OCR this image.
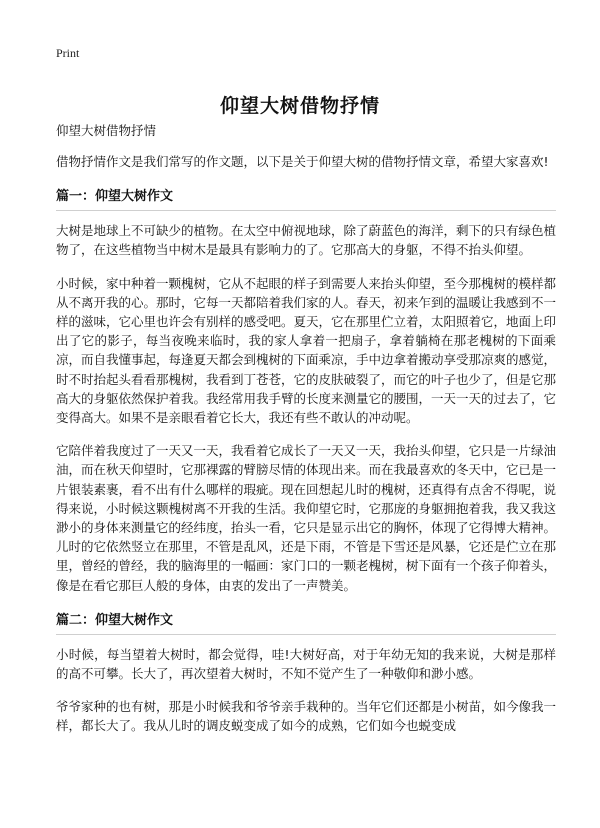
Print
仰望大树借物抒情
仰望大树借物抒情

借物抒情作文是我们常写的作文题，以下是关于仰望大树的借物抒情文章，希望大家喜欢!

篇一：仰望大树作文

大树是地球上不可缺少的植物。在太空中俯视地球，除了蔚蓝色的海洋，剩下的只有绿色植物了，在这些植物当中树木是最具有影响力的了。它那高大的身躯，不得不抬头仰望。

小时候，家中种着一颗槐树，它从不起眼的样子到需要人来抬头仰望，至今那槐树的模样都从不离开我的心。那时，它每一天都陪着我们家的人。春天，初来乍到的温暖让我感到不一样的滋味，它心里也许会有别样的感受吧。夏天，它在那里伫立着，太阳照着它，地面上印出了它的影子，每当夜晚来临时，我的家人拿着一把扇子，拿着躺椅在那老槐树的下面乘凉，而自我懂事起，每逢夏天都会到槐树的下面乘凉，手中边拿着搬动享受那凉爽的感觉，时不时抬起头看看那槐树，我看到丁苍苍，它的皮肤破裂了，而它的叶子也少了，但是它那高大的身躯依然保护着我。我经常用我手臂的长度来测量它的腰围，一天一天的过去了，它变得高大。如果不是亲眼看着它长大，我还有些不敢认的冲动呢。

它陪伴着我度过了一天又一天，我看着它成长了一天又一天，我抬头仰望，它只是一片绿油油，而在秋天仰望时，它那裸露的臂膀尽情的体现出来。而在我最喜欢的冬天中，它已是一片银装素裹，看不出有什么哪样的瑕疵。现在回想起儿时的槐树，还真得有点舍不得呢，说得来说，小时候这颗槐树离不开我的生活。我仰望它时，它那庞的身躯拥抱着我，我又我这渺小的身体来测量它的经纬度，抬头一看，它只是显示出它的胸怀，体现了它得博大精神。儿时的它依然竖立在那里，不管是乱风，还是下雨，不管是下雪还是风暴，它还是伫立在那里，曾经的曾经，我的脑海里的一幅画：家门口的一颗老槐树，树下面有一个孩子仰着头，像是在看它那巨人般的身体，由衷的发出了一声赞美。

篇二：仰望大树作文

小时候，每当望着大树时，都会觉得，哇!大树好高，对于年幼无知的我来说，大树是那样的高不可攀。长大了，再次望着大树时，不知不觉产生了一种敬仰和渺小感。

爷爷家种的也有树，那是小时候我和爷爷亲手栽种的。当年它们还都是小树苗，如今像我一样，都长大了。我从儿时的调皮蜕变成了如今的成熟，它们如今也蜕变成
